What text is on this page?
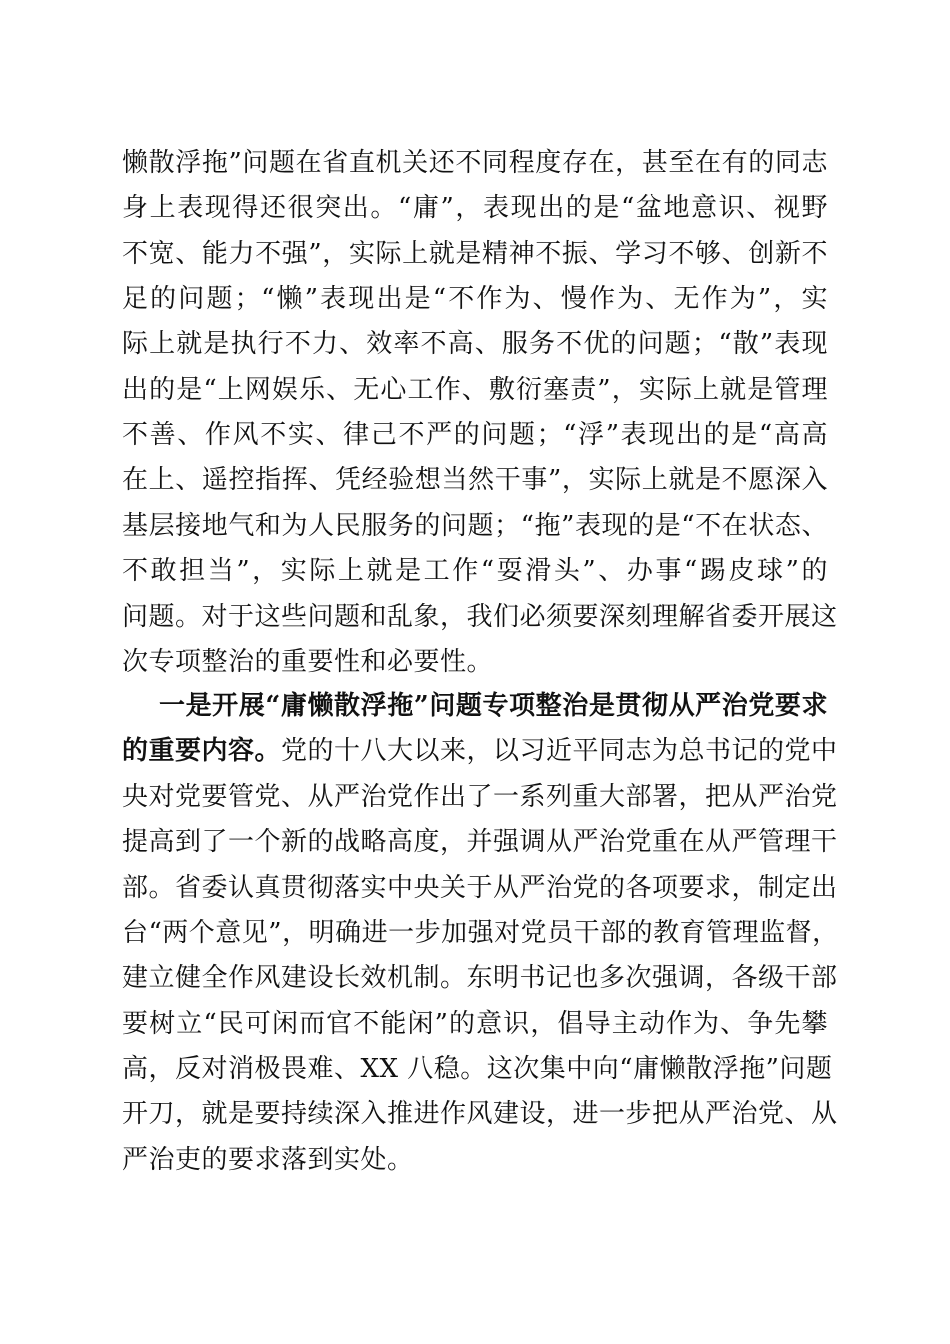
懒散浮拖”问题在省直机关还不同程度存在，甚至在有的同志
身上表现得还很突出。“庸”，表现出的是“盆地意识、视野
不宽、能力不强”，实际上就是精神不振、学习不够、创新不
足的问题；“懒”表现出是“不作为、慢作为、无作为”，实
际上就是执行不力、效率不高、服务不优的问题；“散”表现
出的是“上网娱乐、无心工作、敷衍塞责”，实际上就是管理
不善、作风不实、律己不严的问题；“浮”表现出的是“高高
在上、遥控指挥、凭经验想当然干事”，实际上就是不愿深入
基层接地气和为人民服务的问题；“拖”表现的是“不在状态、
不敢担当”，实际上就是工作“耍滑头”、办事“踢皮球”的
问题。对于这些问题和乱象，我们必须要深刻理解省委开展这
次专项整治的重要性和必要性。
一是开展“庸懒散浮拖”问题专项整治是贯彻从严治党要求
的重要内容。党的十八大以来，以习近平同志为总书记的党中
央对党要管党、从严治党作出了一系列重大部署，把从严治党
提高到了一个新的战略高度，并强调从严治党重在从严管理干
部。省委认真贯彻落实中央关于从严治党的各项要求，制定出
台“两个意见”，明确进一步加强对党员干部的教育管理监督，
建立健全作风建设长效机制。东明书记也多次强调，各级干部
要树立“民可闲而官不能闲”的意识，倡导主动作为、争先攀
高，反对消极畏难、XX 八稳。这次集中向“庸懒散浮拖”问题
开刀，就是要持续深入推进作风建设，进一步把从严治党、从
严治吏的要求落到实处。
